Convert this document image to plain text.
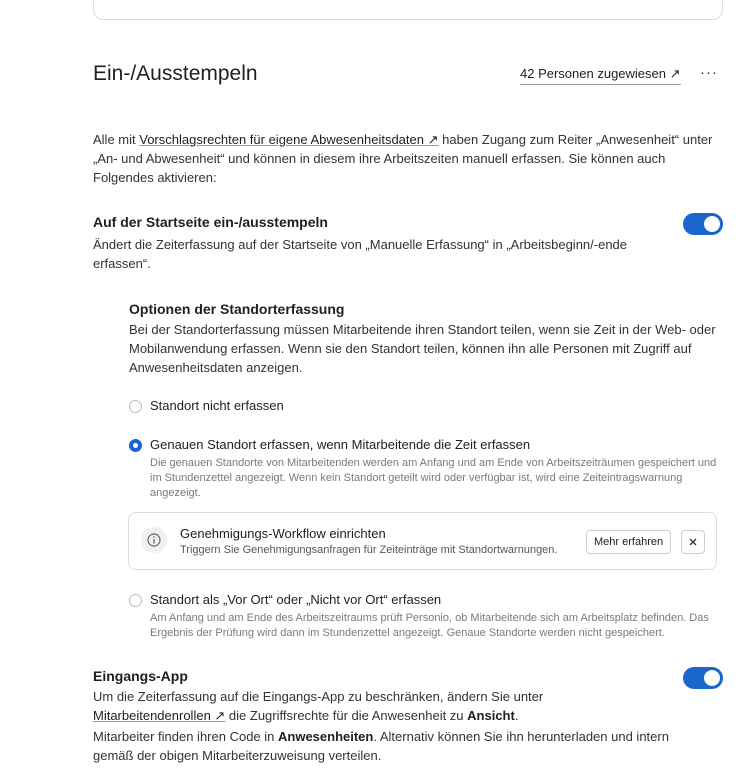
Ein-/Ausstempeln	42 Personen zugewiesen ↗ ···
Alle mit Vorschlagsrechten für eigene Abwesenheitsdaten ↗ haben Zugang zum Reiter „Anwesenheit“ unter „An- und Abwesenheit“ und können in diesem ihre Arbeitszeiten manuell erfassen. Sie können auch Folgendes aktivieren:
Auf der Startseite ein-/ausstempeln
Ändert die Zeiterfassung auf der Startseite von „Manuelle Erfassung“ in „Arbeitsbeginn/-ende erfassen“.
Optionen der Standorterfassung
Bei der Standorterfassung müssen Mitarbeitende ihren Standort teilen, wenn sie Zeit in der Web- oder Mobilanwendung erfassen. Wenn sie den Standort teilen, können ihn alle Personen mit Zugriff auf Anwesenheitsdaten anzeigen.
Standort nicht erfassen
Genauen Standort erfassen, wenn Mitarbeitende die Zeit erfassen
Die genauen Standorte von Mitarbeitenden werden am Anfang und am Ende von Arbeitszeiträumen gespeichert und im Stundenzettel angezeigt. Wenn kein Standort geteilt wird oder verfügbar ist, wird eine Zeiteintragswarnung angezeigt.
Genehmigungs-Workflow einrichten
Triggern Sie Genehmigungsanfragen für Zeiteinträge mit Standortwarnungen.
Mehr erfahren
Standort als „Vor Ort“ oder „Nicht vor Ort“ erfassen
Am Anfang und am Ende des Arbeitszeitraums prüft Personio, ob Mitarbeitende sich am Arbeitsplatz befinden. Das Ergebnis der Prüfung wird dann im Stundenzettel angezeigt. Genaue Standorte werden nicht gespeichert.
Eingangs-App
Um die Zeiterfassung auf die Eingangs-App zu beschränken, ändern Sie unter
Mitarbeitendenrollen ↗ die Zugriffsrechte für die Anwesenheit zu Ansicht.
Mitarbeiter finden ihren Code in Anwesenheiten. Alternativ können Sie ihn herunterladen und intern gemäß der obigen Mitarbeiterzuweisung verteilen.
